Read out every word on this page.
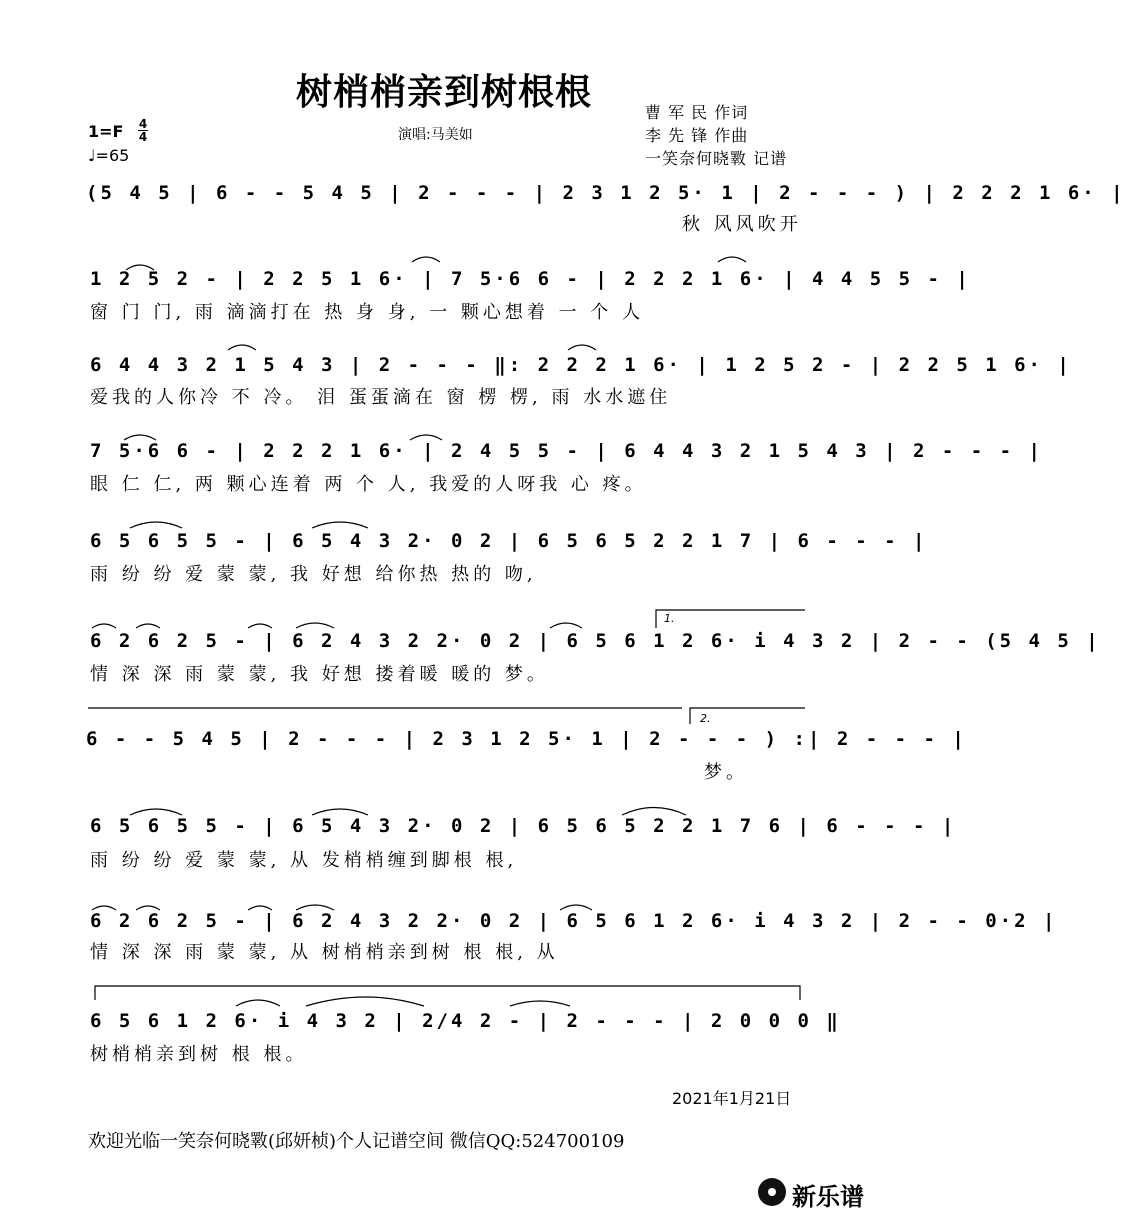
树梢梢亲到树根根
1=F 4
4
♩=65
演唱:马美如
曹 军 民 作词
李 先 锋 作曲
一笑奈何晓斁 记谱
(5 4 5 | 6 - - 5 4 5 | 2 - - - | 2 3 1 2 5· 1 | 2 - - - ) | 2 2 2 1 6· |
秋 风风吹开
1 2 5 2 - | 2 2 5 1 6· | 7 5·6 6 - | 2 2 2 1 6· | 4 4 5 5 - |
窗 门 门, 雨 滴滴打在 热 身 身, 一 颗心想着 一 个 人
6 4 4 3 2 1 5 4 3 | 2 - - - ‖: 2 2 2 1 6· | 1 2 5 2 - | 2 2 5 1 6· |
爱我的人你冷 不 冷。 泪 蛋蛋滴在 窗 楞 楞, 雨 水水遮住
7 5·6 6 - | 2 2 2 1 6· | 2 4 5 5 - | 6 4 4 3 2 1 5 4 3 | 2 - - - |
眼 仁 仁, 两 颗心连着 两 个 人, 我爱的人呀我 心 疼。
6 5 6 5 5 - | 6 5 4 3 2· 0 2 | 6 5 6 5 2 2 1 7 | 6 - - - |
雨 纷 纷 爱 蒙 蒙, 我 好想 给你热 热的 吻,
6 2 6 2 5 - | 6 2 4 3 2 2· 0 2 | 6 5 6 1 2 6· i 4 3 2 | 2 - - (5 4 5 |
情 深 深 雨 蒙 蒙, 我 好想 搂着暖 暖的 梦。
6 - - 5 4 5 | 2 - - - | 2 3 1 2 5· 1 | 2 - - - ) :| 2 - - - |
梦。
6 5 6 5 5 - | 6 5 4 3 2· 0 2 | 6 5 6 5 2 2 1 7 6 | 6 - - - |
雨 纷 纷 爱 蒙 蒙, 从 发梢梢缠到脚根 根,
6 2 6 2 5 - | 6 2 4 3 2 2· 0 2 | 6 5 6 1 2 6· i 4 3 2 | 2 - - 0·2 |
情 深 深 雨 蒙 蒙, 从 树梢梢亲到树 根 根, 从
6 5 6 1 2 6· i 4 3 2 | 2/4 2 - | 2 - - - | 2 0 0 0 ‖
树梢梢亲到树 根 根。
1.
2.
2021年1月21日
欢迎光临一笑奈何晓斁(邱妍桢)个人记谱空间 微信QQ:524700109
新乐谱
